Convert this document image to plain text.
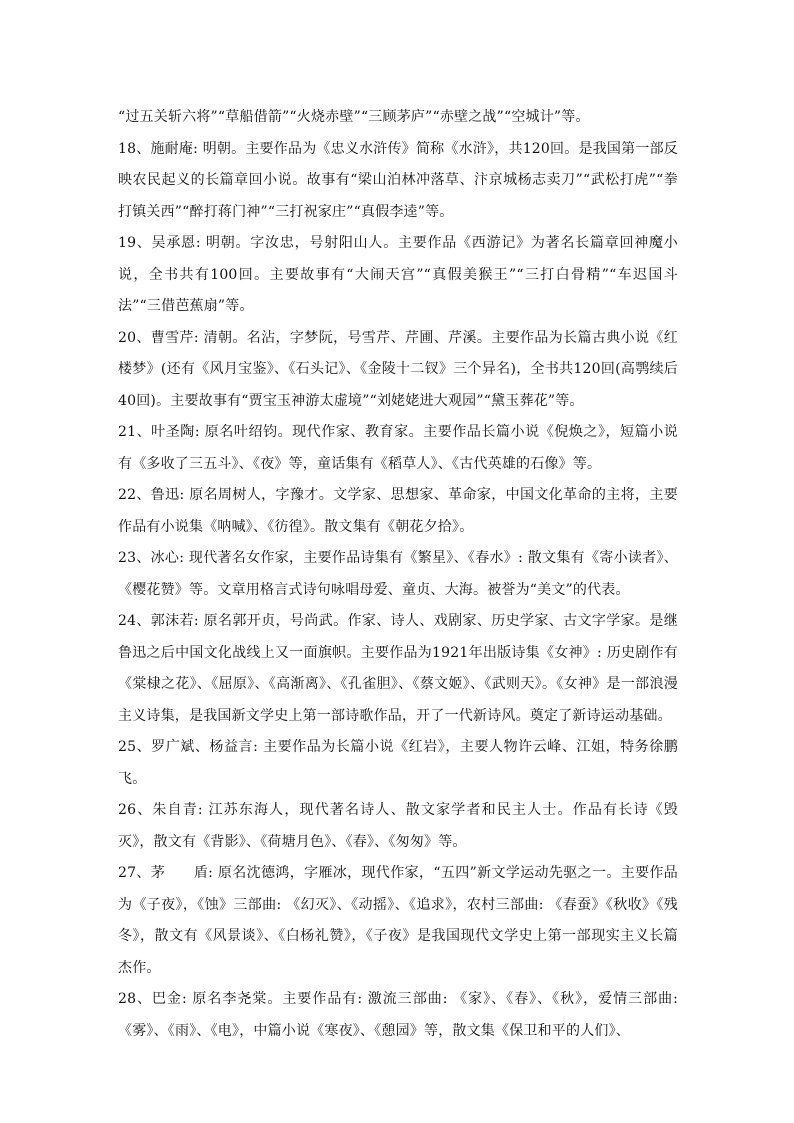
“过五关斩六将”“草船借箭”“火烧赤壁”“三顾茅庐”“赤壁之战”“空城计”等。

18、施耐庵: 明朝。主要作品为《忠义水浒传》简称《水浒》，共120回。是我国第一部反映农民起义的长篇章回小说。故事有“梁山泊林冲落草、汴京城杨志卖刀”“武松打虎”“拳打镇关西”“醉打蒋门神”“三打祝家庄”“真假李逵”等。

19、吴承恩: 明朝。字汝忠，号射阳山人。主要作品《西游记》为著名长篇章回神魔小说，全书共有100回。主要故事有“大闹天宫”“真假美猴王”“三打白骨精”“车迟国斗法”“三借芭蕉扇”等。

20、曹雪芹: 清朝。名沾，字梦阮，号雪芹、芹圃、芹溪。主要作品为长篇古典小说《红楼梦》(还有《风月宝鉴》、《石头记》、《金陵十二钗》三个异名)，全书共120回(高鹗续后40回)。主要故事有“贾宝玉神游太虚境”“刘姥姥进大观园”“黛玉葬花”等。

21、叶圣陶: 原名叶绍钧。现代作家、教育家。主要作品长篇小说《倪焕之》，短篇小说有《多收了三五斗》、《夜》等，童话集有《稻草人》、《古代英雄的石像》等。

22、鲁迅: 原名周树人，字豫才。文学家、思想家、革命家，中国文化革命的主将，主要作品有小说集《呐喊》、《彷徨》。散文集有《朝花夕拾》。

23、冰心: 现代著名女作家，主要作品诗集有《繁星》、《春水》: 散文集有《寄小读者》、《樱花赞》等。文章用格言式诗句咏唱母爱、童贞、大海。被誉为“美文”的代表。

24、郭沫若: 原名郭开贞，号尚武。作家、诗人、戏剧家、历史学家、古文字学家。是继鲁迅之后中国文化战线上又一面旗帜。主要作品为1921年出版诗集《女神》: 历史剧作有《棠棣之花》、《屈原》、《高渐离》、《孔雀胆》、《蔡文姬》、《武则天》。《女神》是一部浪漫主义诗集，是我国新文学史上第一部诗歌作品，开了一代新诗风。奠定了新诗运动基础。

25、罗广斌、杨益言: 主要作品为长篇小说《红岩》，主要人物许云峰、江姐，特务徐鹏飞。

26、朱自青: 江苏东海人，现代著名诗人、散文家学者和民主人士。作品有长诗《毁灭》，散文有《背影》、《荷塘月色》、《春》、《匆匆》等。

27、茅　　盾: 原名沈德鸿，字雁冰，现代作家，“五四”新文学运动先驱之一。主要作品为《子夜》，《蚀》三部曲: 《幻灭》、《动摇》、《追求》，农村三部曲: 《春蚕》《秋收》《残冬》，散文有《风景谈》、《白杨礼赞》，《子夜》是我国现代文学史上第一部现实主义长篇杰作。

28、巴金: 原名李尧棠。主要作品有: 激流三部曲: 《家》、《春》、《秋》，爱情三部曲: 《雾》、《雨》、《电》，中篇小说《寒夜》、《憩园》等，散文集《保卫和平的人们》、
